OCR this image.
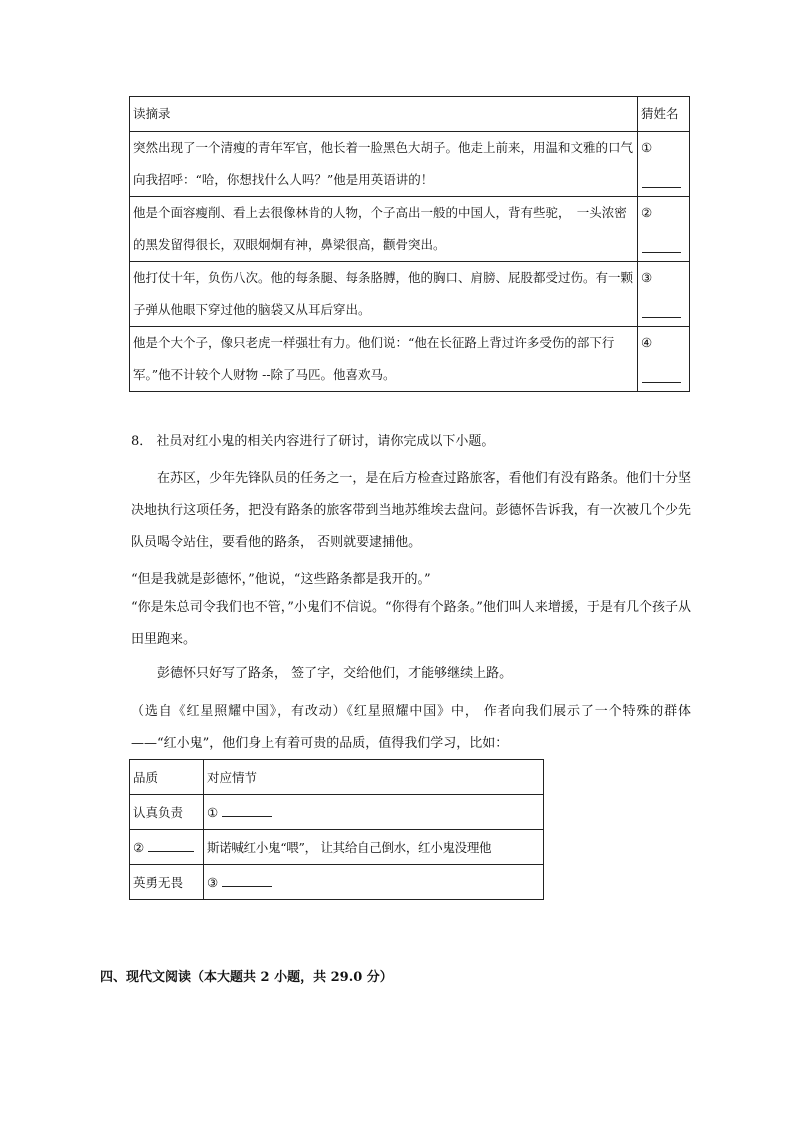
读摘录	猜姓名

突然出现了一个清瘦的青年军官，他长着一脸黑色大胡子。他走上前来，用温和文雅的口气向我招呼：“哈，你想找什么人吗？”他是用英语讲的！	①

他是个面容瘦削、看上去很像林肯的人物，个子高出一般的中国人，背有些驼，　一头浓密的黑发留得很长，双眼炯炯有神，鼻梁很高，颧骨突出。	②

他打仗十年，负伤八次。他的每条腿、每条胳膊，他的胸口、肩膀、屁股都受过伤。有一颗子弹从他眼下穿过他的脑袋又从耳后穿出。	③

他是个大个子，像只老虎一样强壮有力。他们说：“他在长征路上背过许多受伤的部下行军。”他不计较个人财物 --除了马匹。他喜欢马。	④
8． 社员对红小鬼的相关内容进行了研讨，请你完成以下小题。
在苏区，少年先锋队员的任务之一，是在后方检查过路旅客，看他们有没有路条。他们十分坚决地执行这项任务，把没有路条的旅客带到当地苏维埃去盘问。彭德怀告诉我，有一次被几个少先队员喝令站住，要看他的路条， 否则就要逮捕他。
“但是我就是彭德怀，”他说，“这些路条都是我开的。”
“你是朱总司令我们也不管，”小鬼们不信说。“你得有个路条。”他们叫人来增援，于是有几个孩子从田里跑来。
彭德怀只好写了路条， 签了字，交给他们，才能够继续上路。
（选自《红星照耀中国》，有改动）《红星照耀中国》中， 作者向我们展示了一个特殊的群体——“红小鬼”，他们身上有着可贵的品质，值得我们学习，比如：
品质	对应情节
认真负责	①
②	斯诺喊红小鬼“喂”， 让其给自己倒水，红小鬼没理他
英勇无畏	③
四、现代文阅读（本大题共 2 小题，共 29.0 分）
